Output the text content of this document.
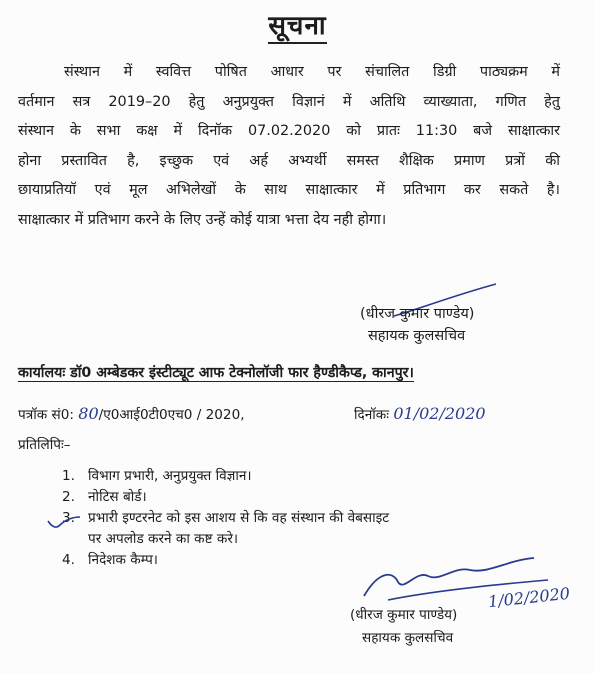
सूचना
संस्थान में स्ववित्त पोषित आधार पर संचालित डिग्री पाठ्यक्रम में
वर्तमान सत्र 2019–20 हेतु अनुप्रयुक्त विज्ञानं में अतिथि व्याख्याता, गणित हेतु
संस्थान के सभा कक्ष में दिनॉक 07.02.2020 को प्रातः 11:30 बजे साक्षात्कार
होना प्रस्तावित है, इच्छुक एवं अर्ह अभ्यर्थी समस्त शैक्षिक प्रमाण प्रत्रों की
छायाप्रतियॉ एवं मूल अभिलेखों के साथ साक्षात्कार में प्रतिभाग कर सकते है।
साक्षात्कार में प्रतिभाग करने के लिए उन्हें कोई यात्रा भत्ता देय नही होगा।
(धीरज कुमार पाण्डेय)
सहायक कुलसचिव
कार्यालयः डॉ0 अम्बेडकर इंस्टीट्यूट आफ टेक्नोलॉजी फार हैण्डीकैप्ड, कानपुर।
पत्रॉक सं0: 80/ए0आई0टी0एच0 / 2020,	दिनॉकः 01/02/2020
प्रतिलिपिः–
1. विभाग प्रभारी, अनुप्रयुक्त विज्ञान।
2. नोटिस बोर्ड।
3. प्रभारी इण्टरनेट को इस आशय से कि वह संस्थान की वेबसाइट
पर अपलोड करने का कष्ट करे।
4. निदेशक कैम्प।
(धीरज कुमार पाण्डेय)
1/02/2020
सहायक कुलसचिव
